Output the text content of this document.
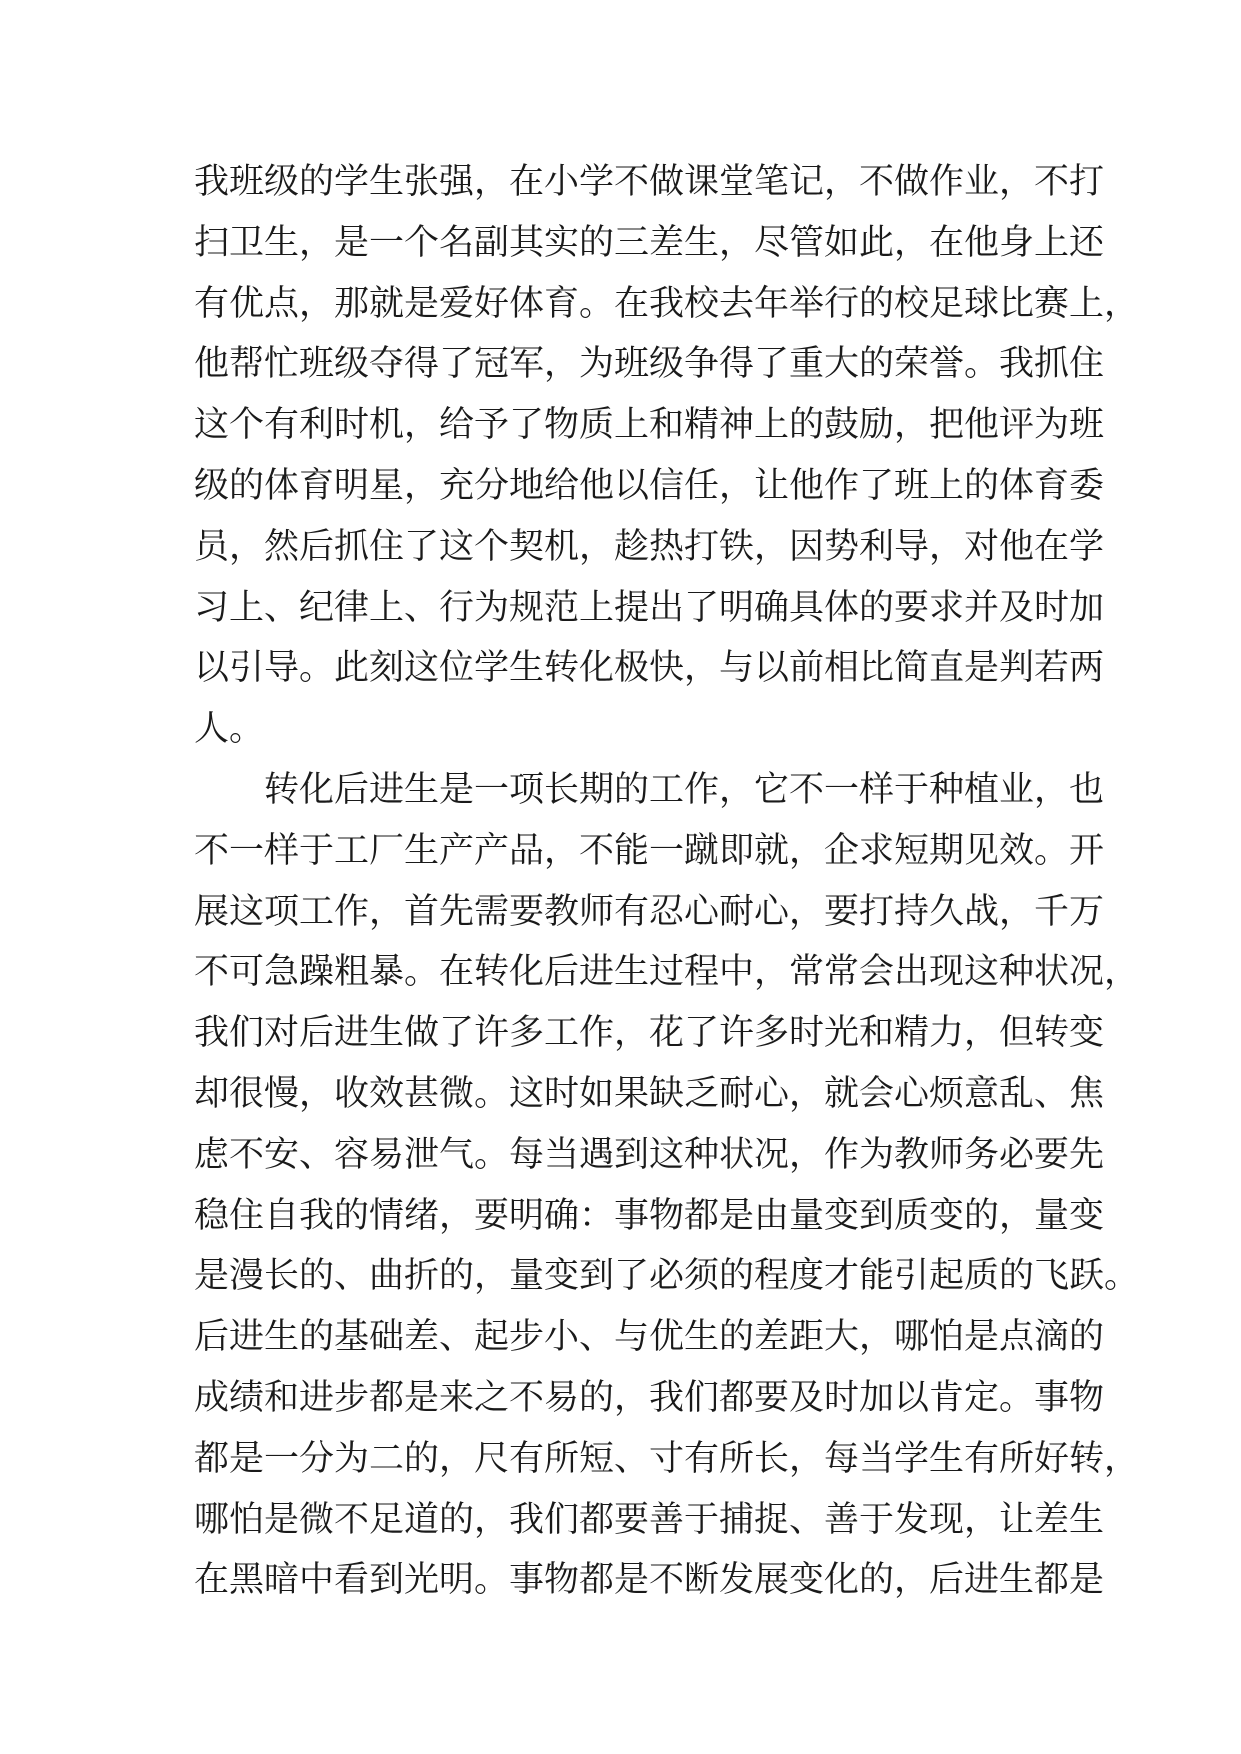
我班级的学生张强，在小学不做课堂笔记，不做作业，不打
扫卫生，是一个名副其实的三差生，尽管如此，在他身上还
有优点，那就是爱好体育。在我校去年举行的校足球比赛上，
他帮忙班级夺得了冠军，为班级争得了重大的荣誉。我抓住
这个有利时机，给予了物质上和精神上的鼓励，把他评为班
级的体育明星，充分地给他以信任，让他作了班上的体育委
员，然后抓住了这个契机，趁热打铁，因势利导，对他在学
习上、纪律上、行为规范上提出了明确具体的要求并及时加
以引导。此刻这位学生转化极快，与以前相比简直是判若两
人。
转化后进生是一项长期的工作，它不一样于种植业，也
不一样于工厂生产产品，不能一蹴即就，企求短期见效。开
展这项工作，首先需要教师有忍心耐心，要打持久战，千万
不可急躁粗暴。在转化后进生过程中，常常会出现这种状况，
我们对后进生做了许多工作，花了许多时光和精力，但转变
却很慢，收效甚微。这时如果缺乏耐心，就会心烦意乱、焦
虑不安、容易泄气。每当遇到这种状况，作为教师务必要先
稳住自我的情绪，要明确：事物都是由量变到质变的，量变
是漫长的、曲折的，量变到了必须的程度才能引起质的飞跃。
后进生的基础差、起步小、与优生的差距大，哪怕是点滴的
成绩和进步都是来之不易的，我们都要及时加以肯定。事物
都是一分为二的，尺有所短、寸有所长，每当学生有所好转，
哪怕是微不足道的，我们都要善于捕捉、善于发现，让差生
在黑暗中看到光明。事物都是不断发展变化的，后进生都是
